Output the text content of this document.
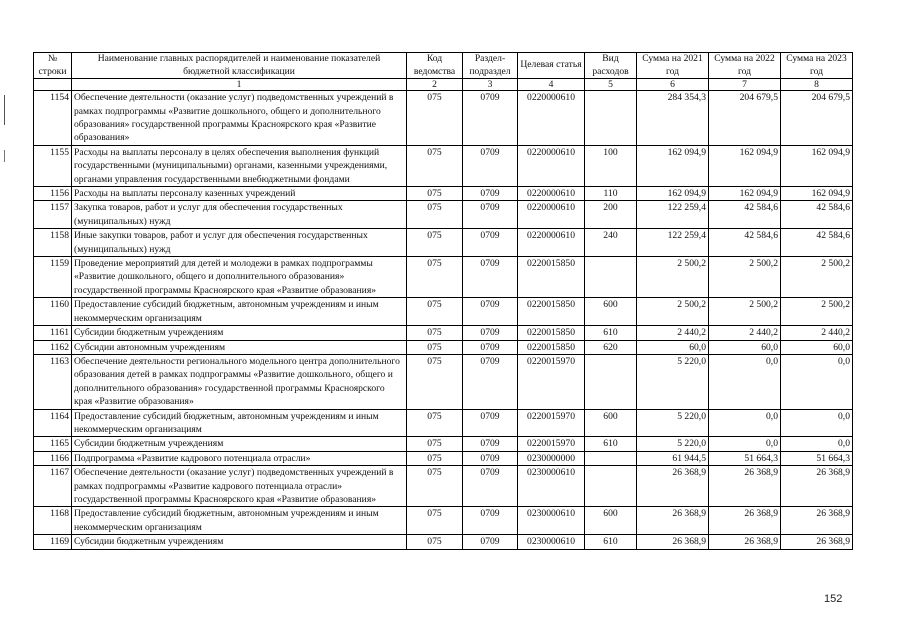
№ строки	Наименование главных распорядителей и наименование показателей бюджетной классификации	Код ведомства	Раздел-подраздел	Целевая статья	Вид расходов	Сумма на 2021 год	Сумма на 2022 год	Сумма на 2023 год
	1	2	3	4	5	6	7	8
1154	Обеспечение деятельности (оказание услуг) подведомственных учреждений в рамках подпрограммы «Развитие дошкольного, общего и дополнительного образования» государственной программы Красноярского края «Развитие образования»	075	0709	0220000610		284 354,3	204 679,5	204 679,5
1155	Расходы на выплаты персоналу в целях обеспечения выполнения функций государственными (муниципальными) органами, казенными учреждениями, органами управления государственными внебюджетными фондами	075	0709	0220000610	100	162 094,9	162 094,9	162 094,9
1156	Расходы на выплаты персоналу казенных учреждений	075	0709	0220000610	110	162 094,9	162 094,9	162 094,9
1157	Закупка товаров, работ и услуг для обеспечения государственных (муниципальных) нужд	075	0709	0220000610	200	122 259,4	42 584,6	42 584,6
1158	Иные закупки товаров, работ и услуг для обеспечения государственных (муниципальных) нужд	075	0709	0220000610	240	122 259,4	42 584,6	42 584,6
1159	Проведение мероприятий для детей и молодежи в рамках подпрограммы «Развитие дошкольного, общего и дополнительного образования» государственной программы Красноярского края «Развитие образования»	075	0709	0220015850		2 500,2	2 500,2	2 500,2
1160	Предоставление субсидий бюджетным, автономным учреждениям и иным некоммерческим организациям	075	0709	0220015850	600	2 500,2	2 500,2	2 500,2
1161	Субсидии бюджетным учреждениям	075	0709	0220015850	610	2 440,2	2 440,2	2 440,2
1162	Субсидии автономным учреждениям	075	0709	0220015850	620	60,0	60,0	60,0
1163	Обеспечение деятельности регионального модельного центра дополнительного образования детей в рамках подпрограммы «Развитие дошкольного, общего и дополнительного образования» государственной программы Красноярского края «Развитие образования»	075	0709	0220015970		5 220,0	0,0	0,0
1164	Предоставление субсидий бюджетным, автономным учреждениям и иным некоммерческим организациям	075	0709	0220015970	600	5 220,0	0,0	0,0
1165	Субсидии бюджетным учреждениям	075	0709	0220015970	610	5 220,0	0,0	0,0
1166	Подпрограмма «Развитие кадрового потенциала отрасли»	075	0709	0230000000		61 944,5	51 664,3	51 664,3
1167	Обеспечение деятельности (оказание услуг) подведомственных учреждений в рамках подпрограммы «Развитие кадрового потенциала отрасли» государственной программы Красноярского края «Развитие образования»	075	0709	0230000610		26 368,9	26 368,9	26 368,9
1168	Предоставление субсидий бюджетным, автономным учреждениям и иным некоммерческим организациям	075	0709	0230000610	600	26 368,9	26 368,9	26 368,9
1169	Субсидии бюджетным учреждениям	075	0709	0230000610	610	26 368,9	26 368,9	26 368,9
152
